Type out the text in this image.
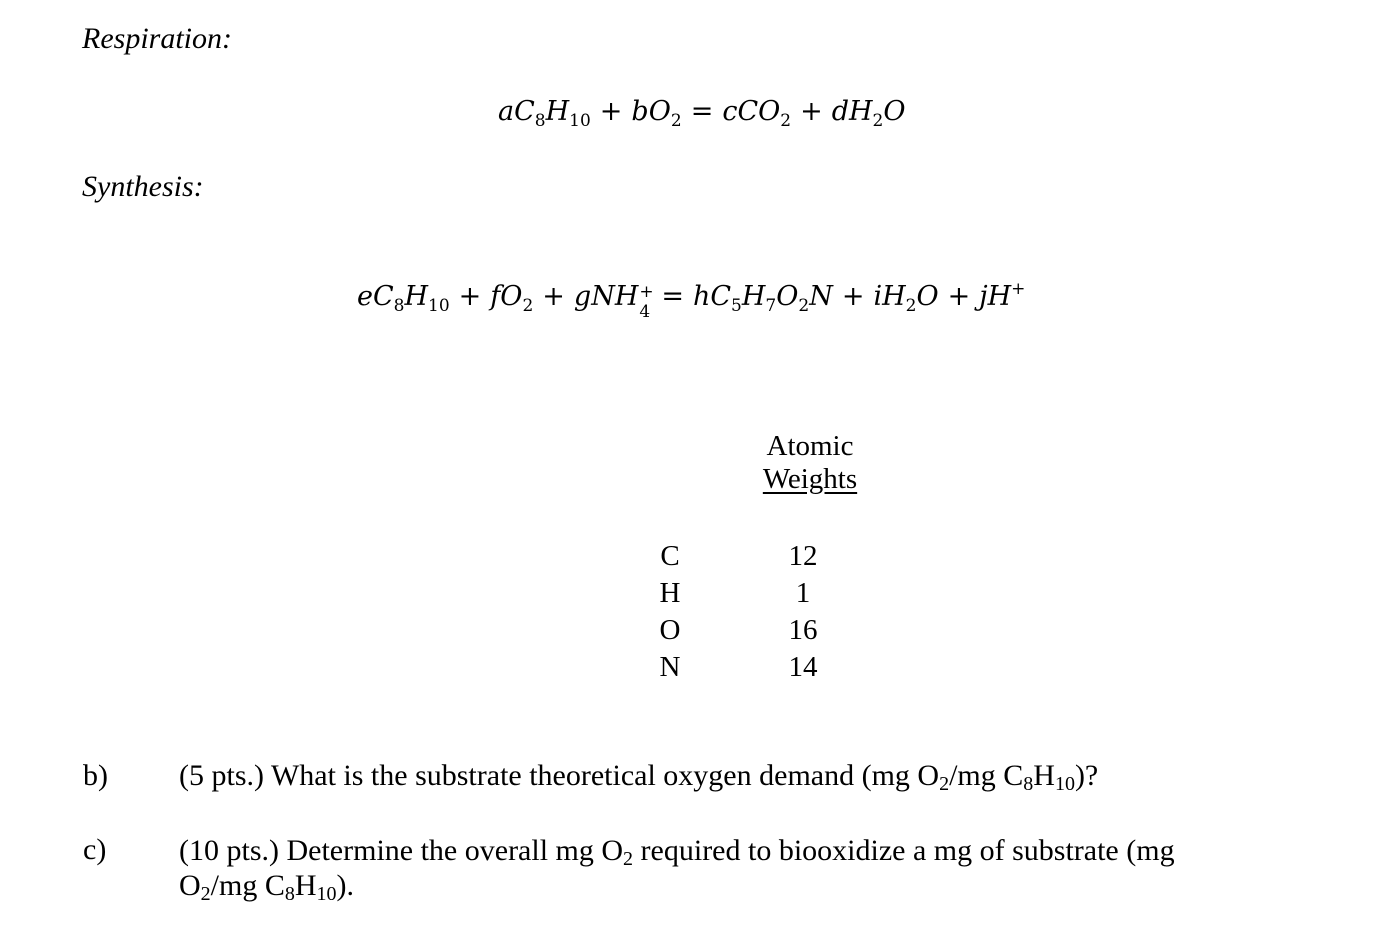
Respiration:
$aC_8H_{10} + bO_2 = cCO_2 + dH_2O$
Synthesis:
$eC_8H_{10} + fO_2$ + gNH +
$4 = hC_5H_7O_2N + iH_2O + jH^+$
Atomic
Weights
C
H
O
N
12
1
16
14
b) (5 pts.) What is the substrate theoretical oxygen demand (mg $O_2/mg$ $C_8H_{10}$)?
c) (10 pts.) Determine the overall mg $O_2$ required to biooxidize a mg of substrate (mg
$O_2/mg$ $C_8H_{10}$).
